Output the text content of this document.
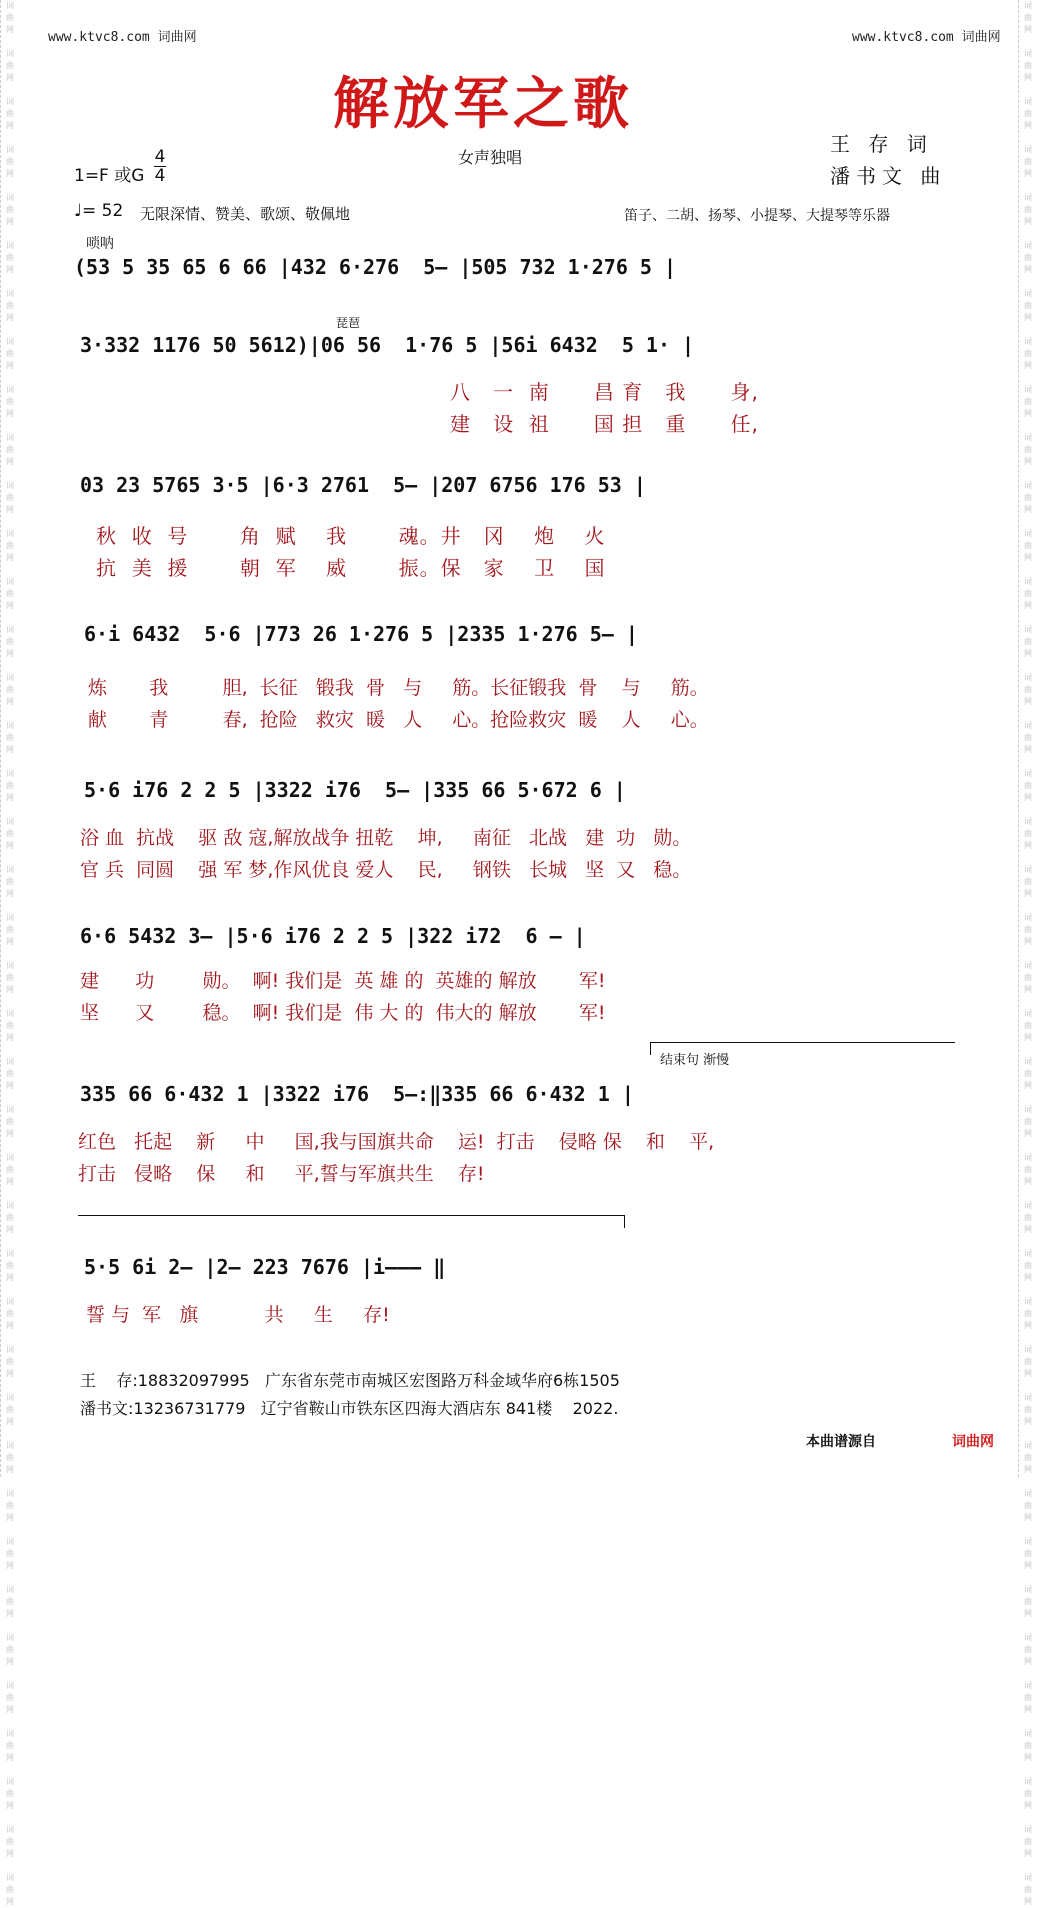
词
曲
网

词
曲
网

词
曲
网

词
曲
网

词
曲
网

词
曲
网

词
曲
网

词
曲
网

词
曲
网

词
曲
网

词
曲
网

词
曲
网

词
曲
网

词
曲
网

词
曲
网

词
曲
网

词
曲
网

词
曲
网

词
曲
网

词
曲
网

词
曲
网

词
曲
网

词
曲
网

词
曲
网

词
曲
网

词
曲
网

词
曲
网

词
曲
网

词
曲
网

词
曲
网

词
曲
网

词
曲
网

词
曲
网

词
曲
网

词
曲
网

词
曲
网

词
曲
网

词
曲
网

词
曲
网

词
曲
网

词
曲
网

词
曲
网

词
曲
网

词
曲
网

词
曲
网

词
曲
网

词
曲
网

词
曲
网

词
曲
网

词
曲
网

词
曲
网

词
曲
网

词
曲
网

词
曲
网

词
曲
网

词
曲
网

词
曲
网

词
曲
网

词
曲
网

词
曲
网

词
曲
网

词
曲
网

词
曲
网

词
曲
网

词
曲
网

词
曲
网

词
曲
网

词
曲
网

词
曲
网

词
曲
网

词
曲
网

词
曲
网

词
曲
网

词
曲
网

词
曲
网

词
曲
网

词
曲
网

词
曲
网

词
曲
网

词
曲
网

www.ktvc8.com 词曲网	www.ktvc8.com 词曲网
解放军之歌
女声独唱
王 存 词
潘书文 曲
1=F 或G
4
4
♩= 52 无限深情、赞美、歌颂、敬佩地	笛子、二胡、扬琴、小提琴、大提琴等乐器
唢呐
琵琶
结束句 渐慢
(53 5 35 65 6 66 |432 6·276  5— |505 732 1·276 5 |
3·332 1176 50 5612)|06 56  1·76 5 |56i 6432  5 1· |
03 23 5765 3·5 |6·3 2761  5— |207 6756 176 53 |
6·i 6432  5·6 |773 26 1·276 5 |2335 1·276 5— |
5·6 i76 2 2 5 |3322 i76  5— |335 66 5·672 6 |
6·6 5432 3— |5·6 i76 2 2 5 |322 i72  6 — |
335 66 6·432 1 |3322 i76  5—:‖335 66 6·432 1 |
5·5 6i 2— |2— 223 7676 |i——— ‖
八   一  南      昌 育   我      身,
建   设  祖      国 担   重      任,
秋  收  号       角  赋    我       魂。井   冈    炮    火
抗  美  援       朝  军    威       振。保   家    卫    国
炼       我         胆,  长征   锻我  骨   与     筋。长征锻我  骨    与     筋。
献       青         春,  抢险   救灾  暖   人     心。抢险救灾  暖    人     心。
浴 血  抗战    驱 敌 寇,解放战争 扭乾    坤,     南征   北战   建  功   勋。
官 兵  同圆    强 军 梦,作风优良 爱人    民,     钢铁   长城   坚  又   稳。
建      功        勋。  啊! 我们是  英 雄 的  英雄的 解放       军!
坚      又        稳。  啊! 我们是  伟 大 的  伟大的 解放       军!
红色   托起    新     中     国,我与国旗共命    运!  打击    侵略 保    和    平,
打击   侵略    保     和     平,誓与军旗共生    存!
誓 与  军   旗           共     生     存!
王    存:18832097995   广东省东莞市南城区宏图路万科金域华府6栋1505
潘书文:13236731779   辽宁省鞍山市铁东区四海大酒店东 841楼    2022.
本曲谱源自	词曲网
